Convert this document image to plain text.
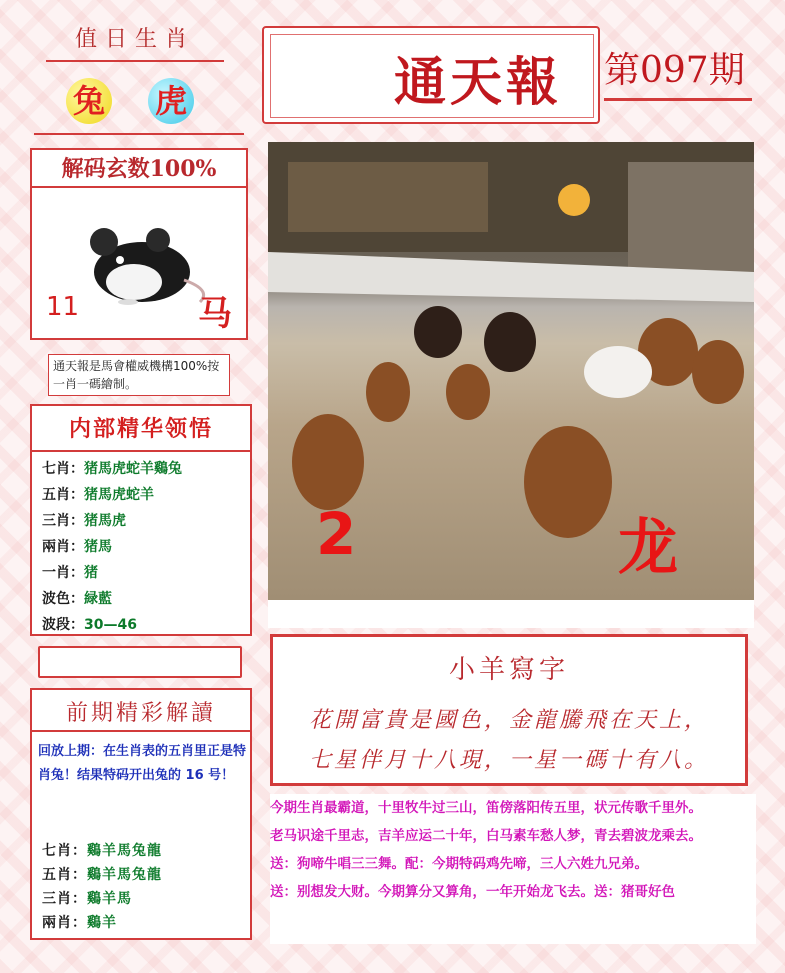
值日生肖
兔 虎
解码玄数100%
11	马
通天報是馬會權威機構100%按一肖一碼繪制。
内部精华领悟
七肖：猪馬虎蛇羊鷄兔
五肖：猪馬虎蛇羊
三肖：猪馬虎
兩肖：猪馬
一肖：猪
波色：緑藍
波段：30—46
前期精彩解讀
回放上期：在生肖表的五肖里正是特肖兔！结果特码开出兔的 16 号！
七肖：鷄羊馬兔龍
五肖：鷄羊馬兔龍
三肖：鷄羊馬
兩肖：鷄羊
通天報 第097期
2	龙
小羊寫字
花開富貴是國色，金龍騰飛在天上，
七星伴月十八現，一星一碼十有八。
今期生肖最霸道，十里牧牛过三山，笛傍落阳传五里，状元传歌千里外。
老马识途千里志，吉羊应运二十年，白马素车愁人梦，青去碧波龙乘去。
送：狗啼牛唱三三舞。配：今期特码鸡先啼，三人六姓九兄弟。
送：别想发大财。今期算分又算角，一年开始龙飞去。送：猪哥好色
